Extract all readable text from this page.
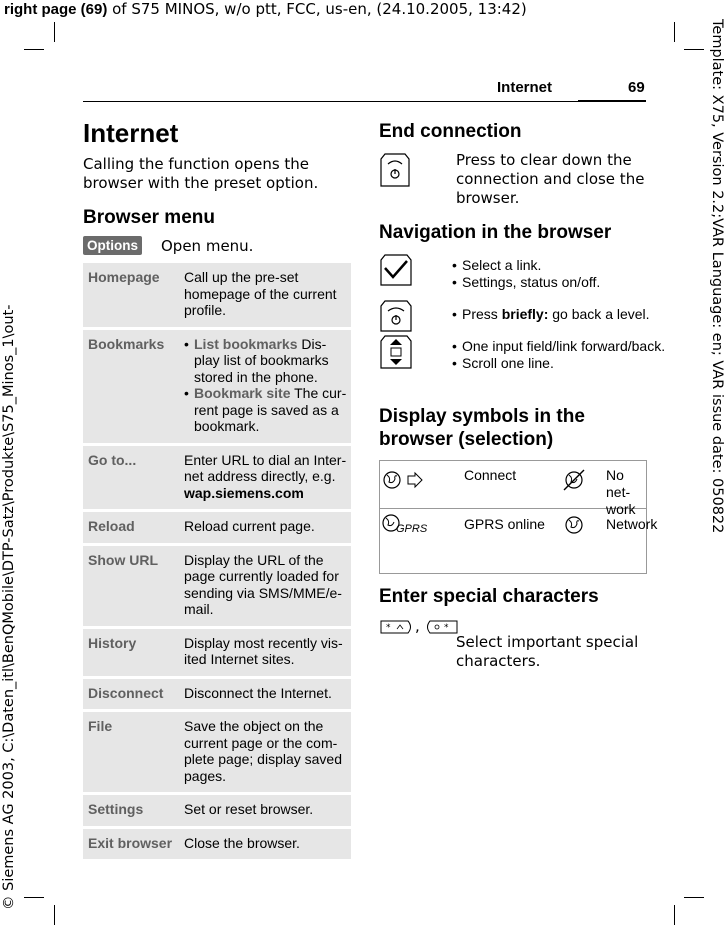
right page (69) of S75 MINOS, w/o ptt, FCC, us-en, (24.10.2005, 13:42)
© Siemens AG 2003, C:\Daten_itl\BenQMobile\DTP-Satz\Produkte\S75_Minos_1\out-
Template: X75, Version 2.2;VAR Language: en; VAR issue date: 050822
Internet	69
Internet
Calling the function opens the browser with the preset option.
Browser menu
Options Open menu.
Homepage	Call up the pre-set homepage of the current profile.
Bookmarks	• List bookmarks Dis-play list of bookmarks stored in the phone.
• Bookmark site The cur-rent page is saved as a bookmark.

Go to...	Enter URL to dial an Inter-net address directly, e.g. wap.siemens.com
Reload	Reload current page.
Show URL	Display the URL of the page currently loaded for sending via SMS/MME/e-mail.
History	Display most recently vis-ited Internet sites.
Disconnect	Disconnect the Internet.
File	Save the object on the current page or the com-plete page; display saved pages.
Settings	Set or reset browser.
Exit browser	Close the browser.
End connection
Press to clear down the connection and close the browser.
Navigation in the browser
• Select a link.
• Settings, status on/off.
• Press briefly: go back a level.
• One input field/link forward/back.
• Scroll one line.
Display symbols in the browser (selection)
Connect	No net-work
GPRS	GPRS online	Network
Enter special characters
* ,	*
Select important special characters.
